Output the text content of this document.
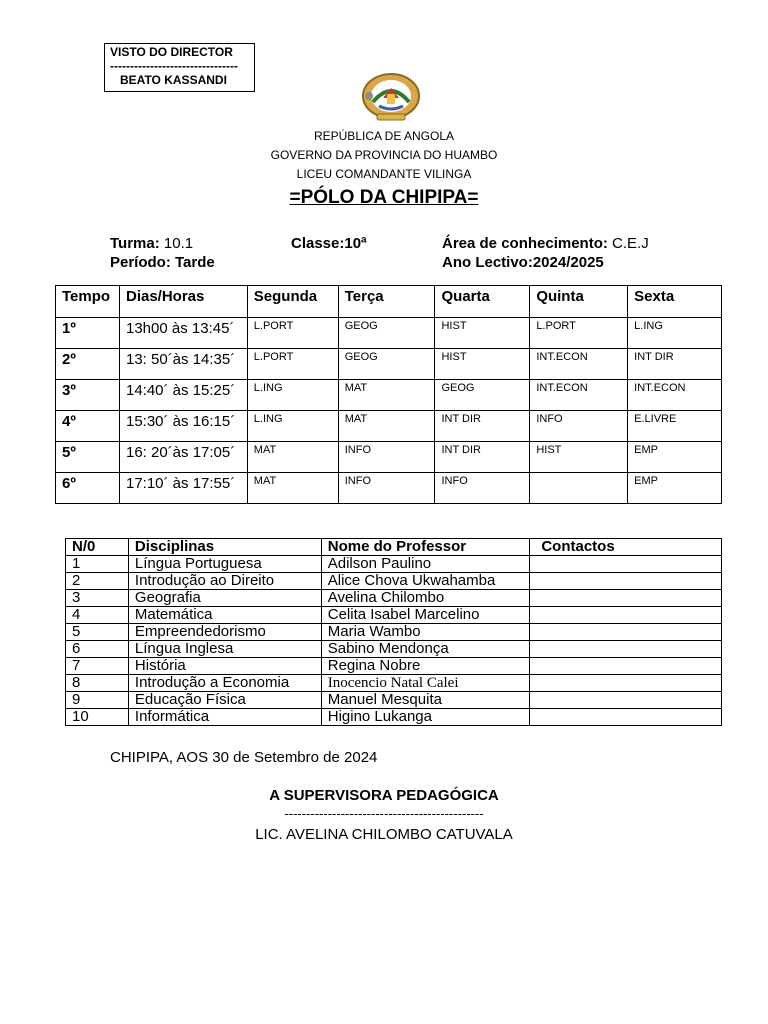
VISTO DO DIRECTOR
--------------------------------
BEATO KASSANDI
REPÚBLICA DE ANGOLA
GOVERNO DA PROVINCIA DO HUAMBO
LICEU COMANDANTE VILINGA
=PÓLO DA CHIPIPA=
Turma: 10.1	Classe:10ª	Área de conhecimento: C.E.J
Período: Tarde	Ano Lectivo:2024/2025
Tempo	Dias/Horas	Segunda	Terça	Quarta	Quinta	Sexta
1º	13h00 às 13:45´	L.PORT	GEOG	HIST	L.PORT	L.ING
2º	13: 50´às 14:35´	L.PORT	GEOG	HIST	INT.ECON	INT DIR
3º	14:40´ às 15:25´	L.ING	MAT	GEOG	INT.ECON	INT.ECON
4º	15:30´ às 16:15´	L.ING	MAT	INT DIR	INFO	E.LIVRE
5º	16: 20´às 17:05´	MAT	INFO	INT DIR	HIST	EMP
6º	17:10´ às 17:55´	MAT	INFO	INFO		EMP
N/0	Disciplinas	Nome do Professor	Contactos
1	Língua Portuguesa	Adilson Paulino	
2	Introdução ao Direito	Alice Chova Ukwahamba	
3	Geografia	Avelina Chilombo	
4	Matemática	Celita Isabel Marcelino	
5	Empreendedorismo	Maria Wambo	
6	Língua Inglesa	Sabino Mendonça	
7	História	Regina Nobre	
8	Introdução a Economia	Inocencio Natal Calei	
9	Educação Física	Manuel Mesquita	
10	Informática	Higino Lukanga	
CHIPIPA, AOS 30 de Setembro de 2024
A SUPERVISORA PEDAGÓGICA
----------------------------------------------
LIC. AVELINA CHILOMBO CATUVALA
